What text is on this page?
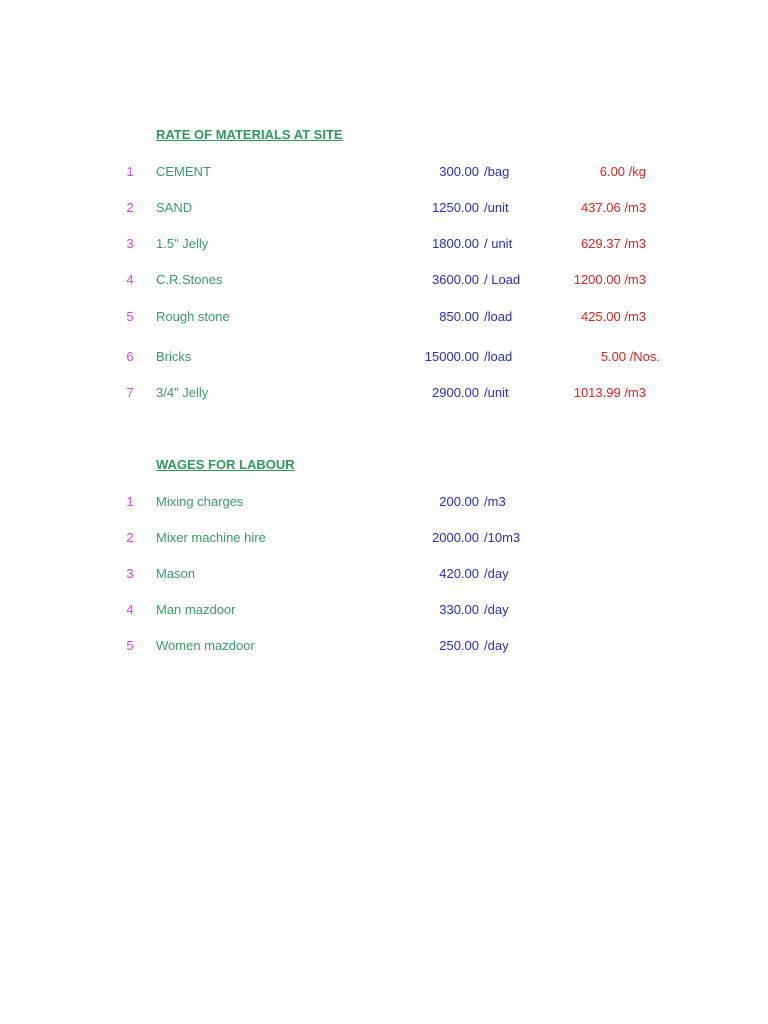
RATE OF MATERIALS AT SITE
1	CEMENT	300.00 /bag	6.00 /kg
2	SAND	1250.00 /unit	437.06 /m3
3	1.5" Jelly	1800.00 / unit	629.37 /m3
4	C.R.Stones	3600.00 / Load	1200.00 /m3
5	Rough stone	850.00 /load	425.00 /m3
6	Bricks	15000.00 /load	5.00 /Nos.
7	3/4" Jelly	2900.00 /unit	1013.99 /m3
WAGES FOR LABOUR
1	Mixing charges	200.00 /m3
2	Mixer machine hire	2000.00 /10m3
3	Mason	420.00 /day
4	Man mazdoor	330.00 /day
5	Women mazdoor	250.00 /day
